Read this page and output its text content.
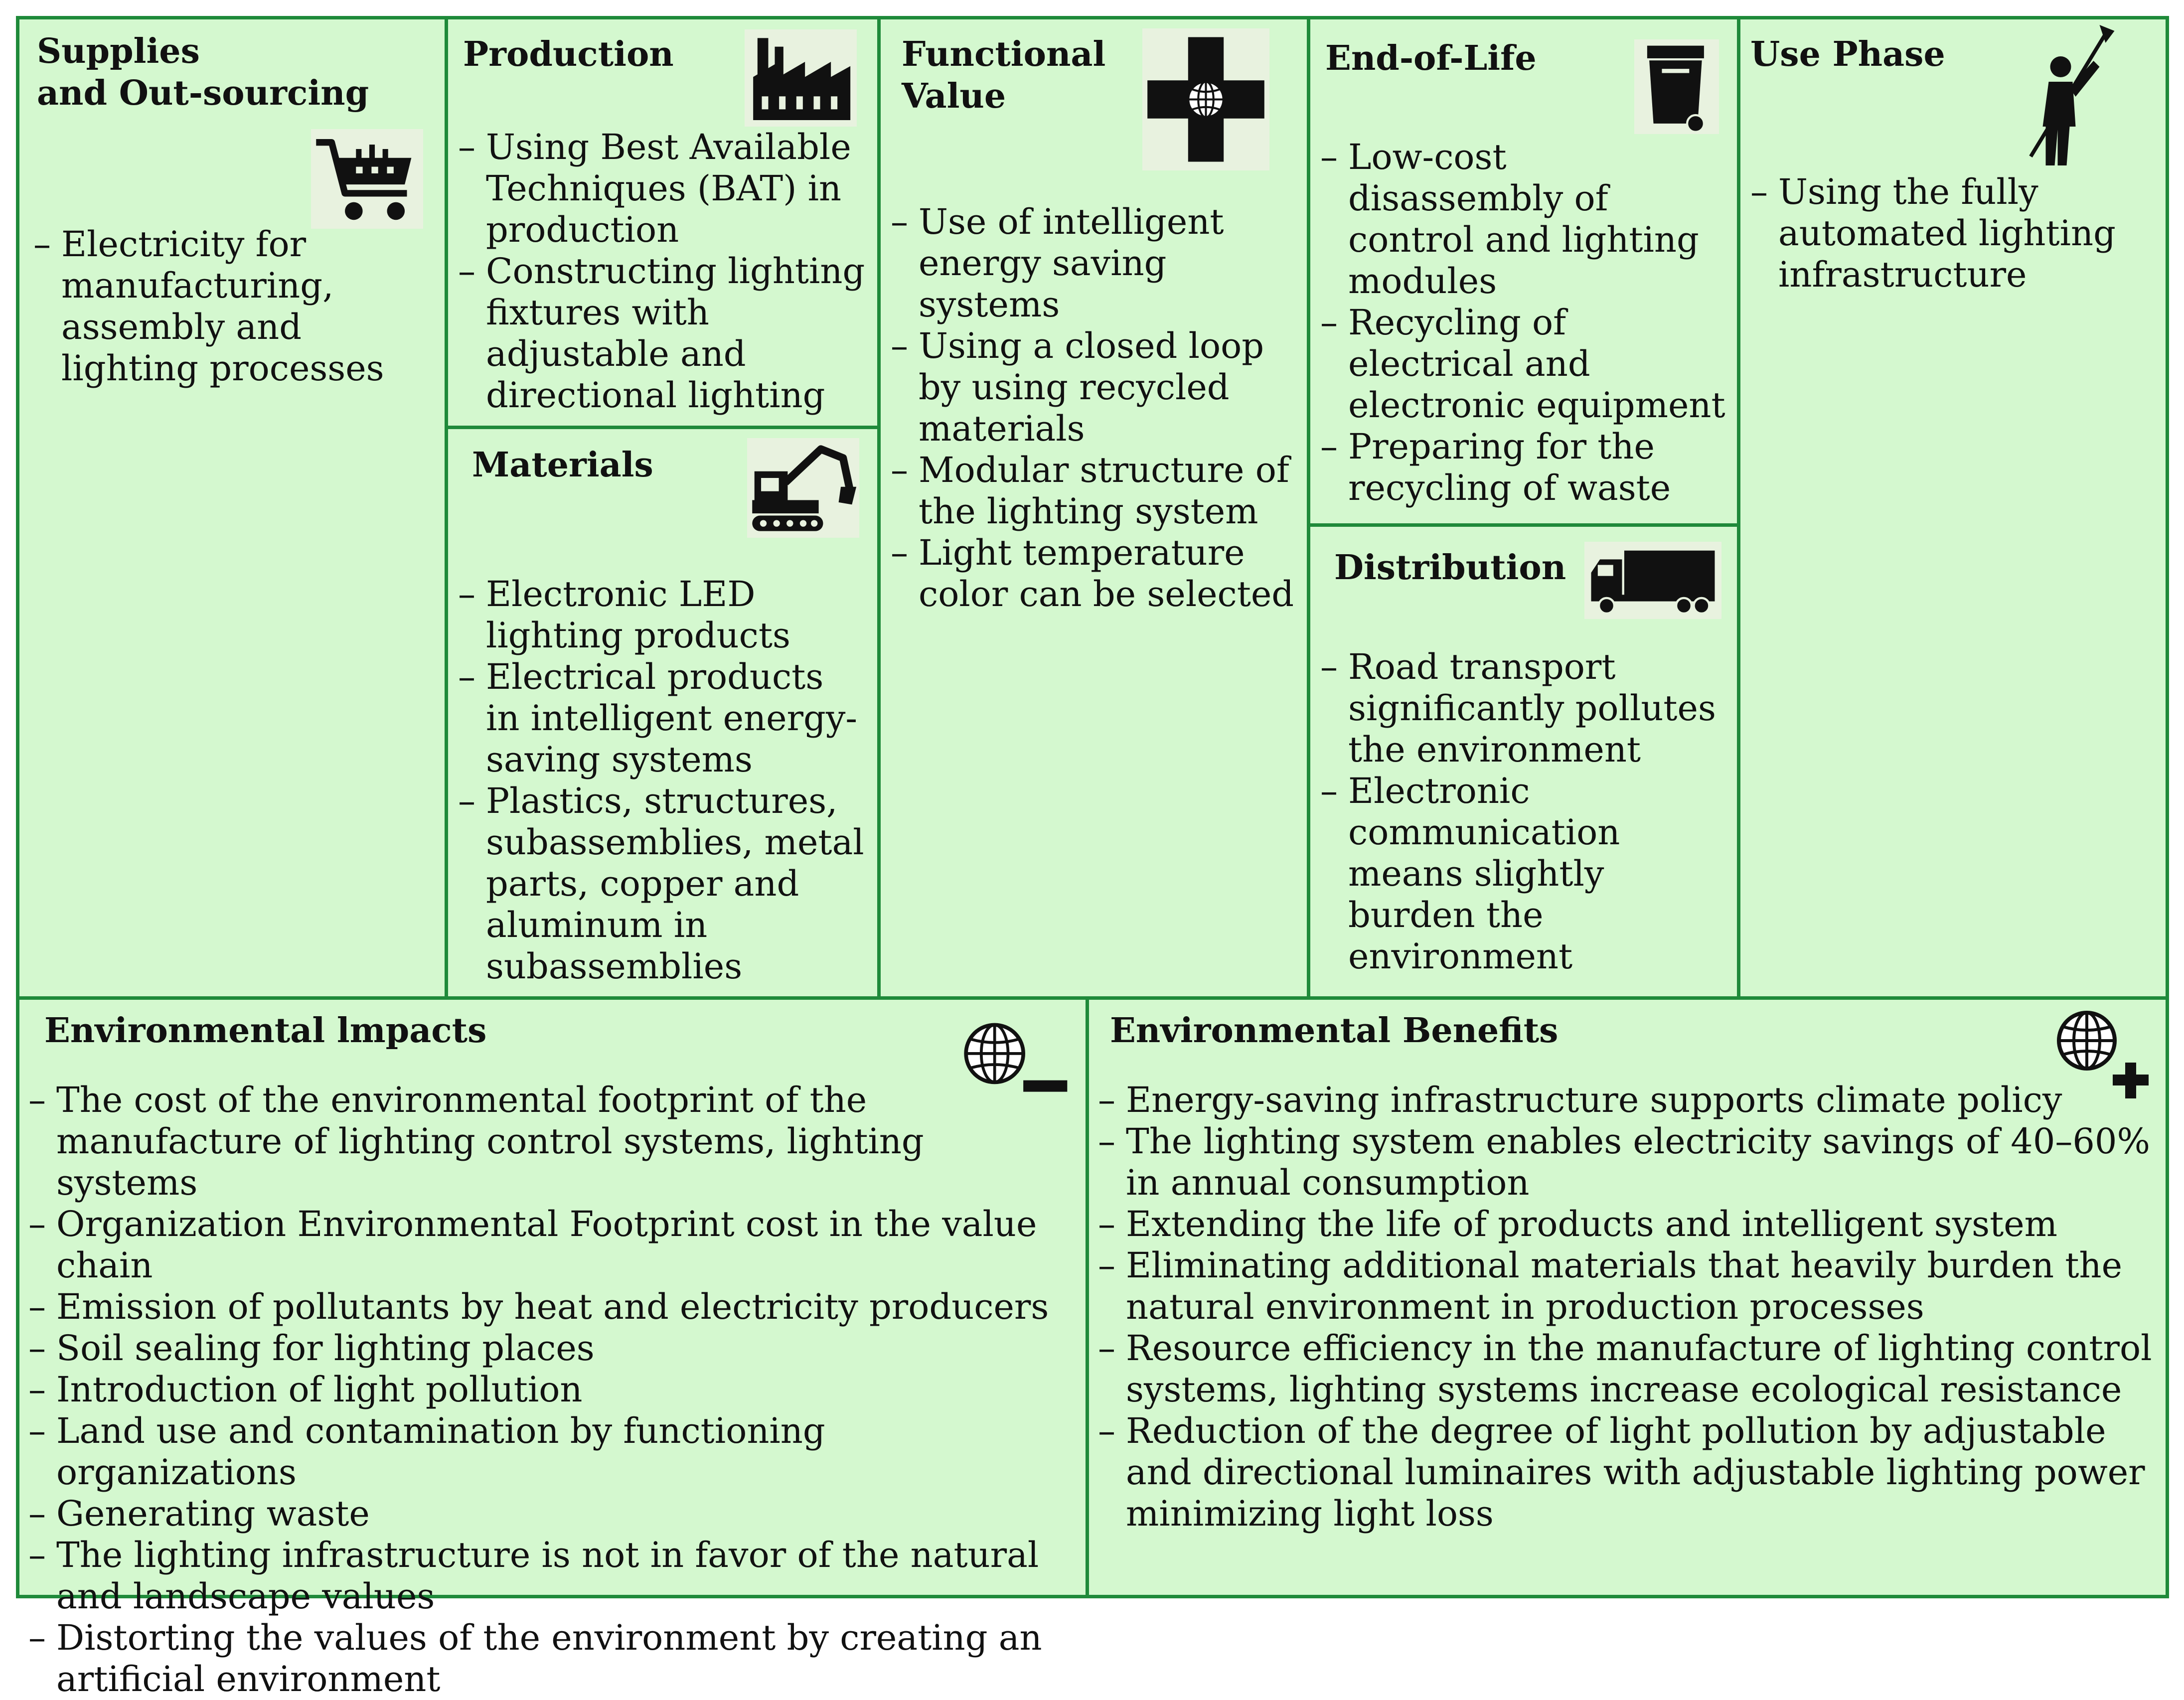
Supplies
and Out-sourcing
– Electricity for manufacturing, assembly and lighting processes
Production
– Using Best Available Techniques (BAT) in production
– Constructing lighting fixtures with adjustable and directional lighting
Materials
– Electronic LED lighting products
– Electrical products in intelligent energy-saving systems
– Plastics, structures, subassemblies, metal parts, copper and aluminum in subassemblies
Functional
Value
– Use of intelligent energy saving systems
– Using a closed loop by using recycled materials
– Modular structure of the lighting system
– Light temperature color can be selected
End-of-Life
– Low-cost disassembly of control and lighting modules
– Recycling of electrical and electronic equipment
– Preparing for the recycling of waste
Distribution
– Road transport significantly pollutes the environment
– Electronic communication means slightly burden the environment
Use Phase
– Using the fully automated lighting infrastructure
Environmental lmpacts
– The cost of the environmental footprint of the manufacture of lighting control systems, lighting systems
– Organization Environmental Footprint cost in the value chain
– Emission of pollutants by heat and electricity producers
– Soil sealing for lighting places
– Introduction of light pollution
– Land use and contamination by functioning organizations
– Generating waste
– The lighting infrastructure is not in favor of the natural and landscape values
– Distorting the values of the environment by creating an artificial environment
Environmental Benefits
– Energy-saving infrastructure supports climate policy
– The lighting system enables electricity savings of 40–60% in annual consumption
– Extending the life of products and intelligent system
– Eliminating additional materials that heavily burden the natural environment in production processes
– Resource efficiency in the manufacture of lighting control systems, lighting systems increase ecological resistance
– Reduction of the degree of light pollution by adjustable and directional luminaires with adjustable lighting power minimizing light loss
